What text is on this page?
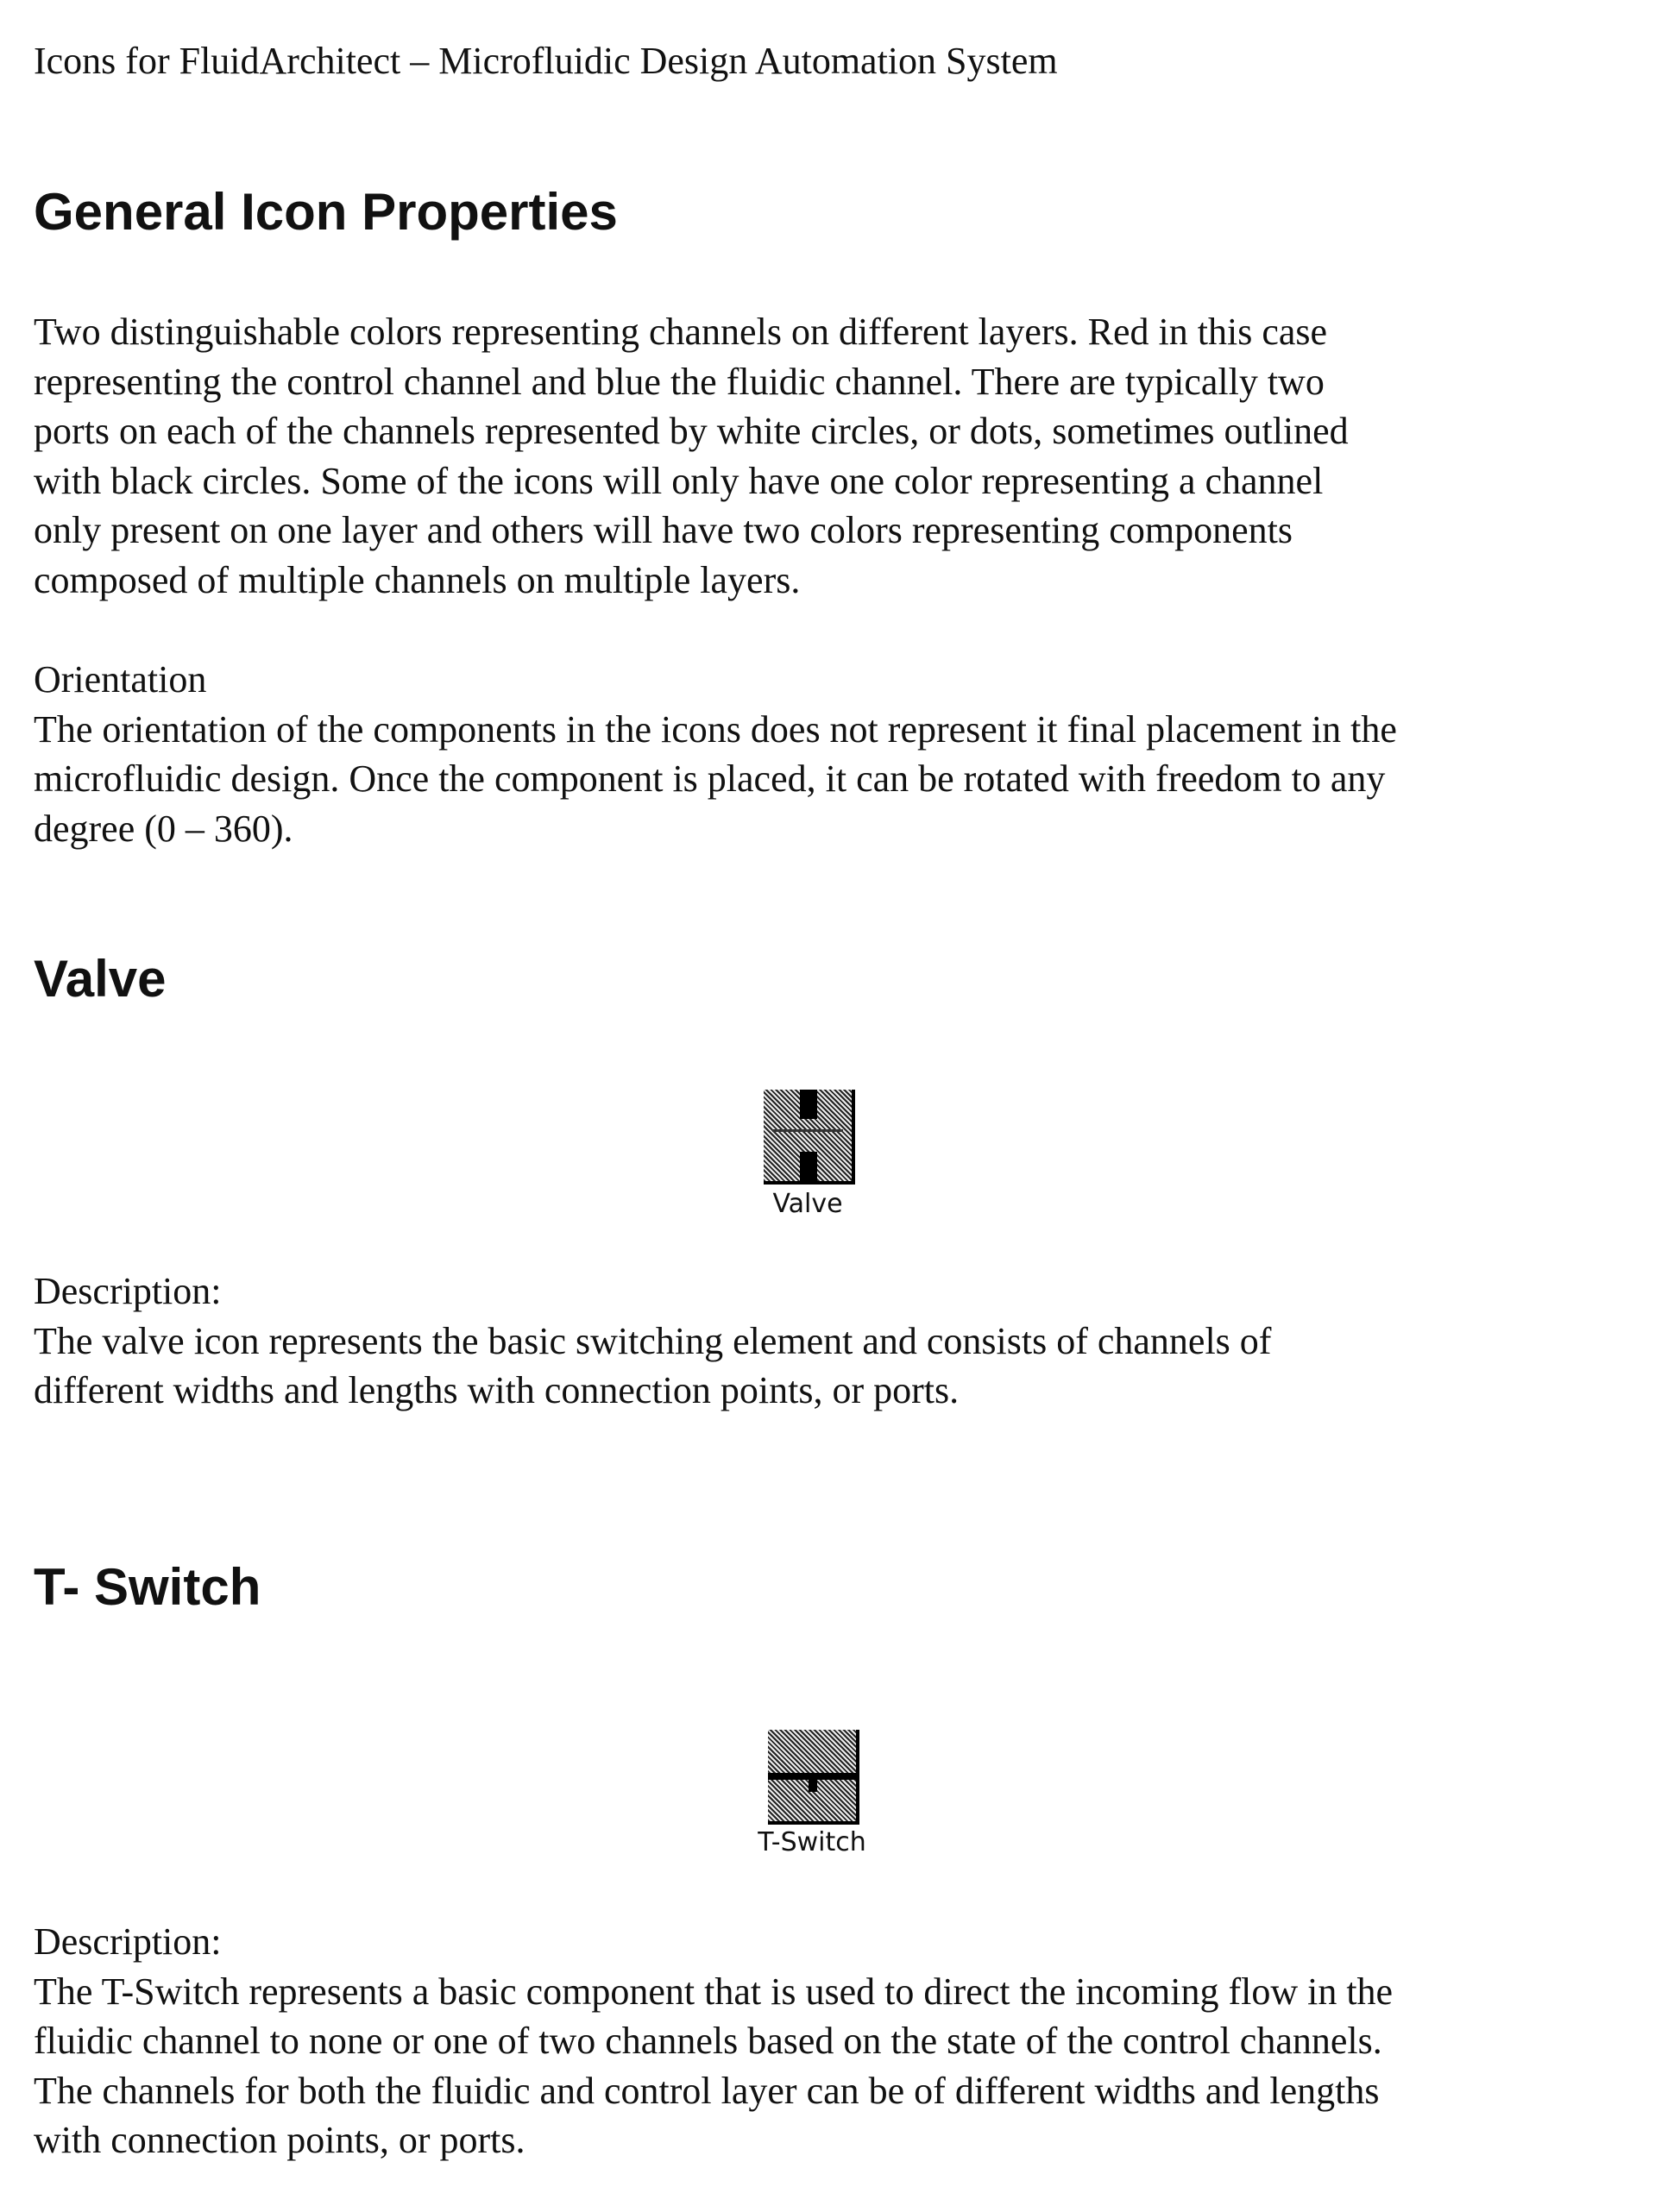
Icons for FluidArchitect – Microfluidic Design Automation System
General Icon Properties

Two distinguishable colors representing channels on different layers. Red in this case

representing the control channel and blue the fluidic channel. There are typically two

ports on each of the channels represented by white circles, or dots, sometimes outlined

with black circles. Some of the icons will only have one color representing a channel

only present on one layer and others will have two colors representing components

composed of multiple channels on multiple layers.

Orientation

The orientation of the components in the icons does not represent it final placement in the

microfluidic design. Once the component is placed, it can be rotated with freedom to any

degree (0 – 360).

Valve
Valve

Description:

The valve icon represents the basic switching element and consists of channels of

different widths and lengths with connection points, or ports.

T- Switch
T-Switch

Description:

The T-Switch represents a basic component that is used to direct the incoming flow in the

fluidic channel to none or one of two channels based on the state of the control channels.

The channels for both the fluidic and control layer can be of different widths and lengths

with connection points, or ports.
